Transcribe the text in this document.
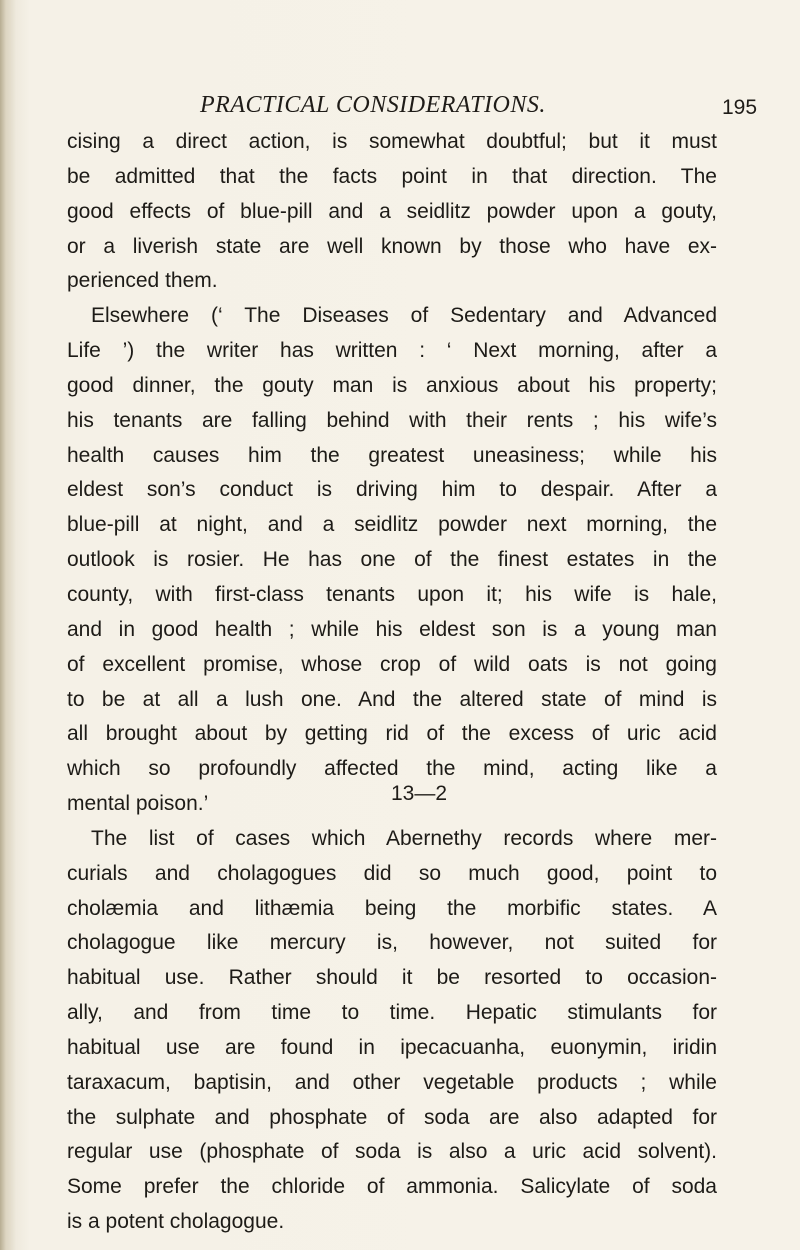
PRACTICAL CONSIDERATIONS.	195
cising a direct action, is somewhat doubtful; but it must
be admitted that the facts point in that direction. The
good effects of blue-pill and a seidlitz powder upon a gouty,
or a liverish state are well known by those who have ex-
perienced them.
Elsewhere (‘ The Diseases of Sedentary and Advanced
Life ’) the writer has written : ‘ Next morning, after a
good dinner, the gouty man is anxious about his property;
his tenants are falling behind with their rents ; his wife’s
health causes him the greatest uneasiness; while his
eldest son’s conduct is driving him to despair. After a
blue-pill at night, and a seidlitz powder next morning, the
outlook is rosier. He has one of the finest estates in the
county, with first-class tenants upon it; his wife is hale,
and in good health ; while his eldest son is a young man
of excellent promise, whose crop of wild oats is not going
to be at all a lush one. And the altered state of mind is
all brought about by getting rid of the excess of uric acid
which so profoundly affected the mind, acting like a
mental poison.’
The list of cases which Abernethy records where mer-
curials and cholagogues did so much good, point to
cholæmia and lithæmia being the morbific states. A
cholagogue like mercury is, however, not suited for
habitual use. Rather should it be resorted to occasion-
ally, and from time to time. Hepatic stimulants for
habitual use are found in ipecacuanha, euonymin, iridin
taraxacum, baptisin, and other vegetable products ; while
the sulphate and phosphate of soda are also adapted for
regular use (phosphate of soda is also a uric acid solvent).
Some prefer the chloride of ammonia. Salicylate of soda
is a potent cholagogue.
13—2
